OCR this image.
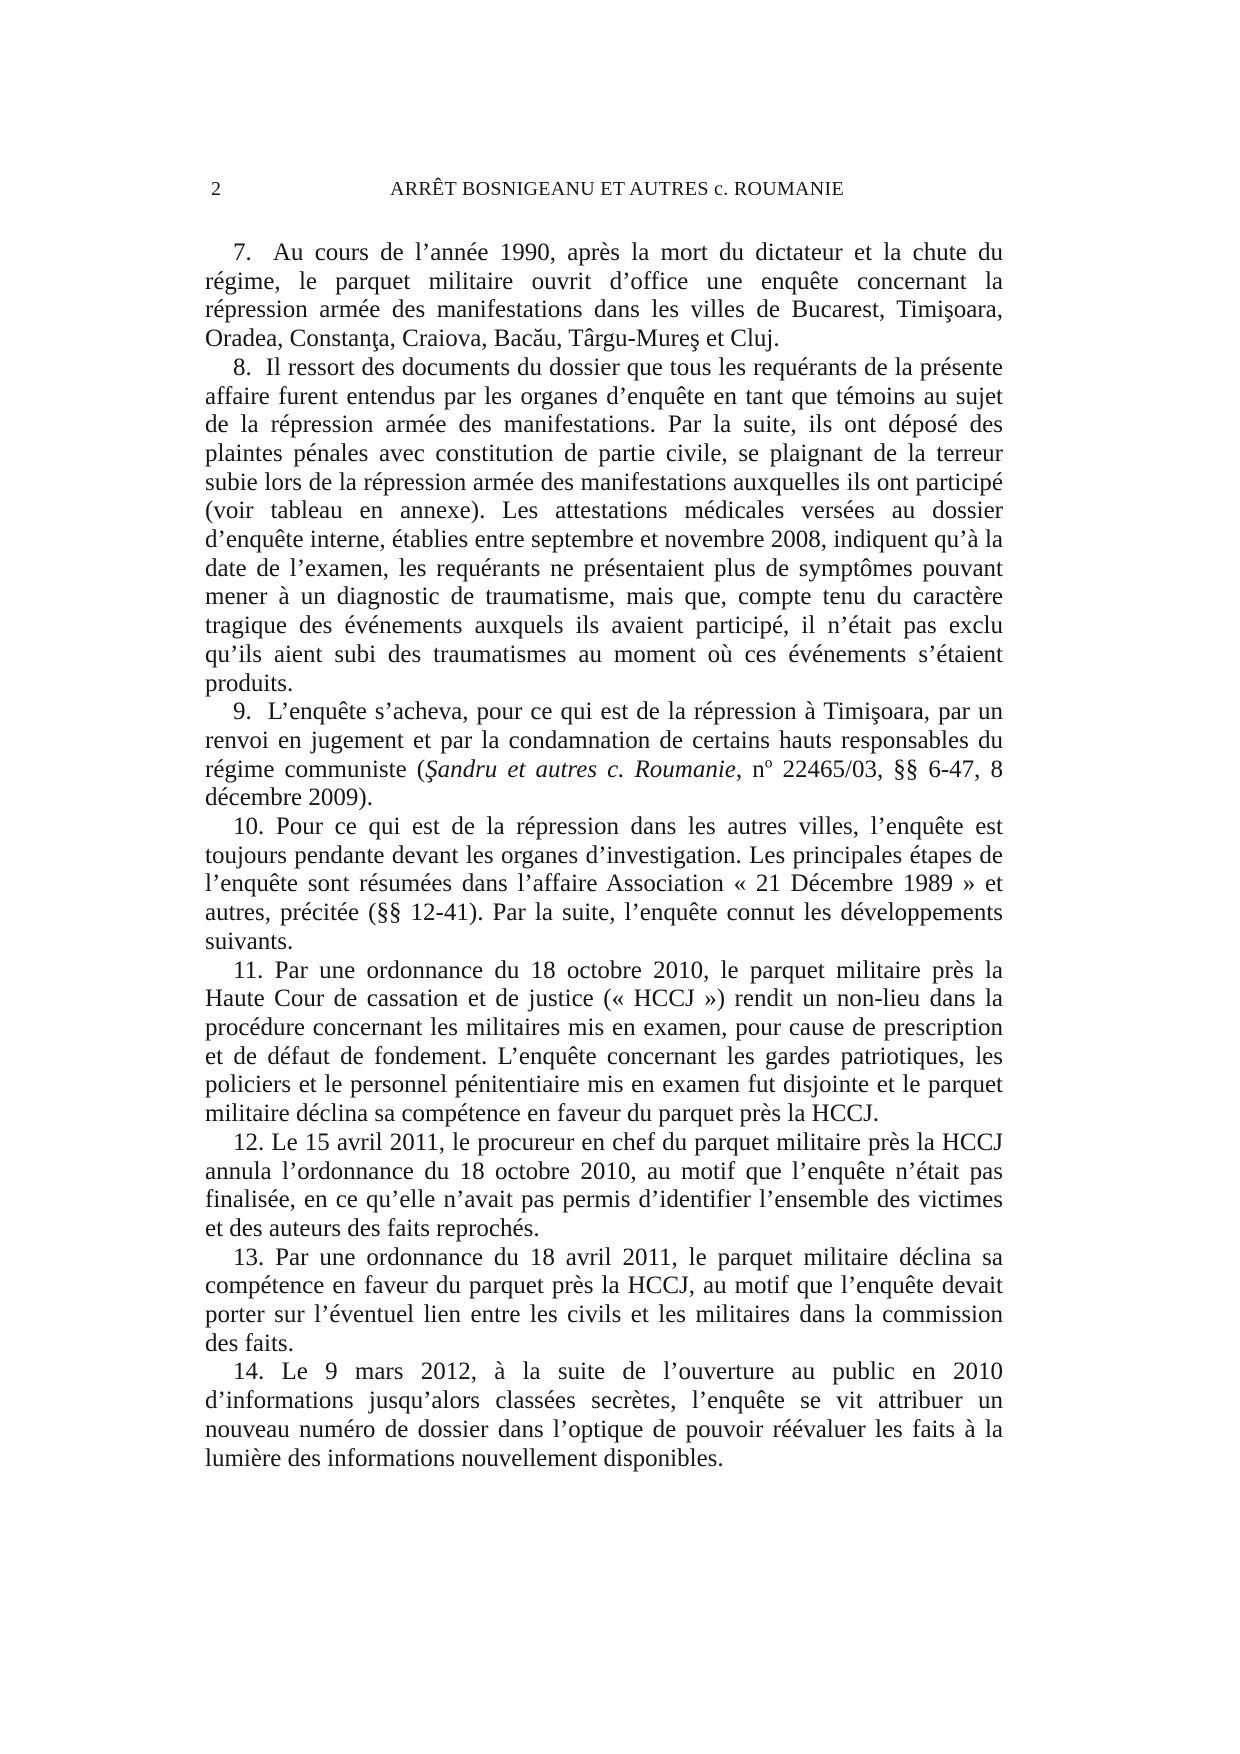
2	ARRÊT BOSNIGEANU ET AUTRES c. ROUMANIE

7.  Au cours de l’année 1990, après la mort du dictateur et la chute du régime, le parquet militaire ouvrit d’office une enquête concernant la répression armée des manifestations dans les villes de Bucarest, Timişoara, Oradea, Constanţa, Craiova, Bacău, Târgu-Mureş et Cluj.

8.  Il ressort des documents du dossier que tous les requérants de la présente affaire furent entendus par les organes d’enquête en tant que témoins au sujet de la répression armée des manifestations. Par la suite, ils ont déposé des plaintes pénales avec constitution de partie civile, se plaignant de la terreur subie lors de la répression armée des manifestations auxquelles ils ont participé (voir tableau en annexe). Les attestations médicales versées au dossier d’enquête interne, établies entre septembre et novembre 2008, indiquent qu’à la date de l’examen, les requérants ne présentaient plus de symptômes pouvant mener à un diagnostic de traumatisme, mais que, compte tenu du caractère tragique des événements auxquels ils avaient participé, il n’était pas exclu qu’ils aient subi des traumatismes au moment où ces événements s’étaient produits.

9.  L’enquête s’acheva, pour ce qui est de la répression à Timişoara, par un renvoi en jugement et par la condamnation de certains hauts responsables du régime communiste (Şandru et autres c. Roumanie, $n^o$ 22465/03, §§ 6-47, 8 décembre 2009).

10. Pour ce qui est de la répression dans les autres villes, l’enquête est toujours pendante devant les organes d’investigation. Les principales étapes de l’enquête sont résumées dans l’affaire Association « 21 Décembre 1989 » et autres, précitée (§§ 12-41). Par la suite, l’enquête connut les développements suivants.

11. Par une ordonnance du 18 octobre 2010, le parquet militaire près la Haute Cour de cassation et de justice (« HCCJ ») rendit un non-lieu dans la procédure concernant les militaires mis en examen, pour cause de prescription et de défaut de fondement. L’enquête concernant les gardes patriotiques, les policiers et le personnel pénitentiaire mis en examen fut disjointe et le parquet militaire déclina sa compétence en faveur du parquet près la HCCJ.

12. Le 15 avril 2011, le procureur en chef du parquet militaire près la HCCJ annula l’ordonnance du 18 octobre 2010, au motif que l’enquête n’était pas finalisée, en ce qu’elle n’avait pas permis d’identifier l’ensemble des victimes et des auteurs des faits reprochés.

13. Par une ordonnance du 18 avril 2011, le parquet militaire déclina sa compétence en faveur du parquet près la HCCJ, au motif que l’enquête devait porter sur l’éventuel lien entre les civils et les militaires dans la commission des faits.

14. Le 9 mars 2012, à la suite de l’ouverture au public en 2010 d’informations jusqu’alors classées secrètes, l’enquête se vit attribuer un nouveau numéro de dossier dans l’optique de pouvoir réévaluer les faits à la lumière des informations nouvellement disponibles.
